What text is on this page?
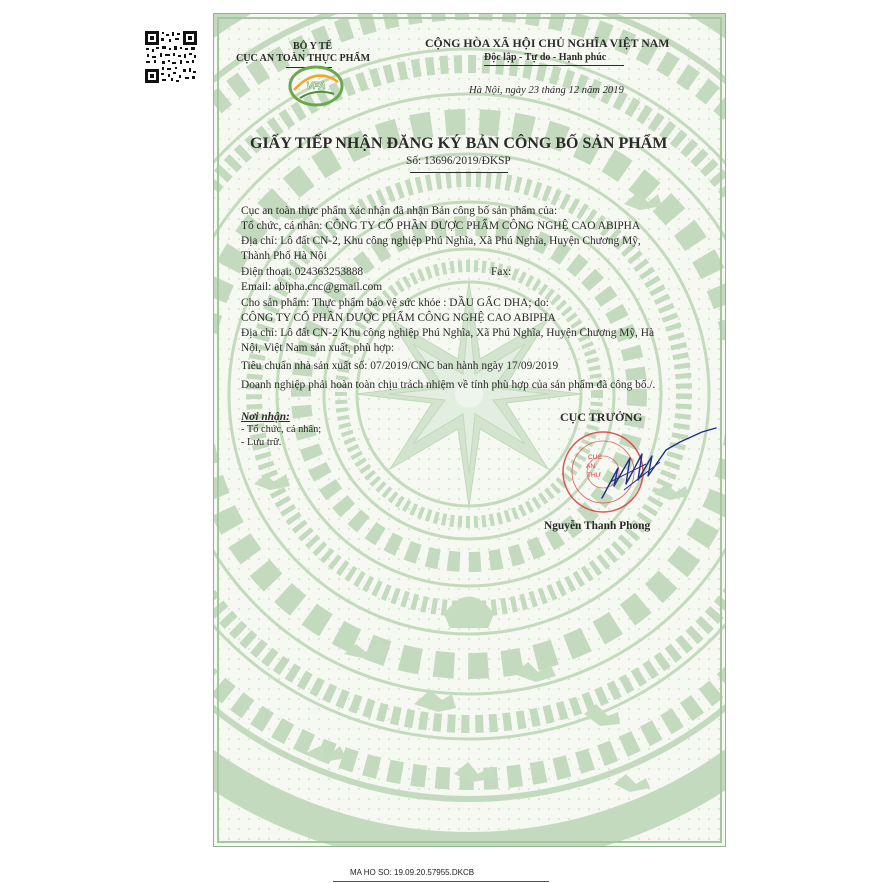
BỘ Y TẾ
CỤC AN TOÀN THỰC PHẨM
VFA
CỘNG HÒA XÃ HỘI CHỦ NGHĨA VIỆT NAM
Độc lập - Tự do - Hạnh phúc
Hà Nội, ngày 23 tháng 12 năm 2019
GIẤY TIẾP NHẬN ĐĂNG KÝ BẢN CÔNG BỐ SẢN PHẨM
Số: 13696/2019/ĐKSP
Cục an toàn thực phẩm xác nhận đã nhận Bản công bố sản phẩm của:
Tổ chức, cá nhân: CÔNG TY CỔ PHẦN DƯỢC PHẨM CÔNG NGHỆ CAO ABIPHA
Địa chỉ: Lô đất CN-2, Khu công nghiệp Phú Nghĩa, Xã Phú Nghĩa, Huyện Chương Mỹ,
Thành Phố Hà Nội
Điện thoại: 024363253888	Fax:
Email: abipha.cnc@gmail.com
Cho sản phẩm: Thực phẩm bảo vệ sức khỏe : DẦU GẤC DHA; do:
CÔNG TY CỔ PHẦN DƯỢC PHẨM CÔNG NGHỆ CAO ABIPHA
Địa chỉ: Lô đất CN-2 Khu công nghiệp Phú Nghĩa, Xã Phú Nghĩa, Huyện Chương Mỹ, Hà
Nội, Việt Nam sản xuất, phù hợp:
Tiêu chuẩn nhà sản xuất số: 07/2019/CNC ban hành ngày 17/09/2019
Doanh nghiệp phải hoàn toàn chịu trách nhiệm về tính phù hợp của sản phẩm đã công bố./.
Nơi nhận:
- Tổ chức, cá nhân;
- Lưu trữ.
CỤC TRƯỞNG
CỤC
AN
THỰ
Nguyễn Thanh Phong
MA HO SO: 19.09.20.57955.DKCB
